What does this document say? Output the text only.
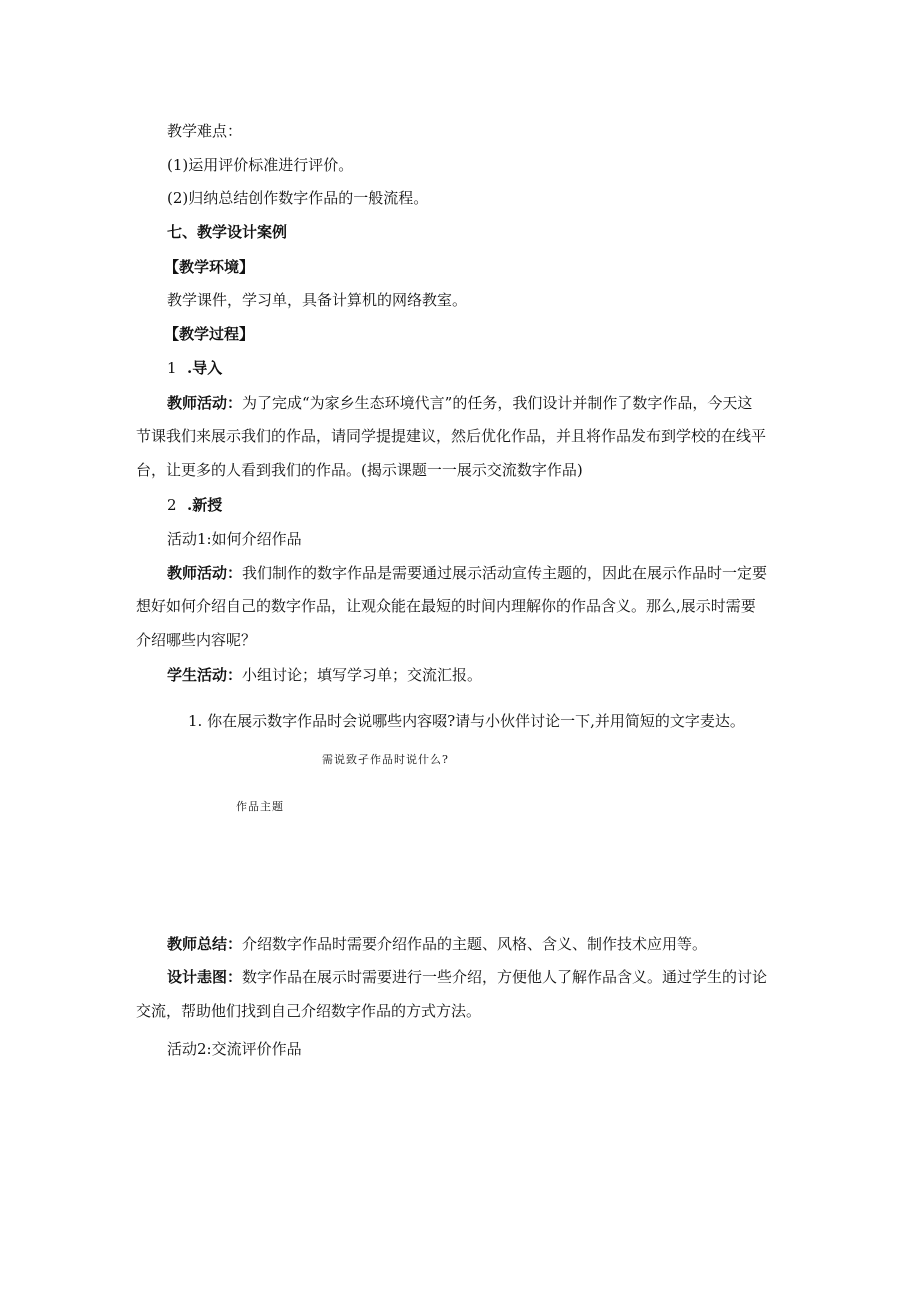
教学难点：
(1)运用评价标准进行评价。
(2)归纳总结创作数字作品的一般流程。
七、教学设计案例
【教学环境】
教学课件，学习单，具备计算机的网络教室。
【教学过程】
1 .导入
教师活动：为了完成“为家乡生态环境代言”的任务，我们设计并制作了数字作品，今天这
节课我们来展示我们的作品，请同学提提建议，然后优化作品，并且将作品发布到学校的在线平
台，让更多的人看到我们的作品。(揭示课题一一展示交流数字作品)
2 .新授
活动1:如何介绍作品
教师活动：我们制作的数字作品是需要通过展示活动宣传主题的，因此在展示作品时一定要
想好如何介绍自己的数字作品，让观众能在最短的时间内理解你的作品含义。那么,展示时需要
介绍哪些内容呢？
学生活动：小组讨论；填写学习单；交流汇报。
1. 你在展示数字作品时会说哪些内容啜?请与小伙伴讨论一下,并用简短的文字麦达。
需说致孑作品时说什么?
作品主题
教师总结：介绍数字作品时需要介绍作品的主题、风格、含义、制作技术应用等。
设计恚图：数字作品在展示时需要进行一些介绍，方便他人了解作品含义。通过学生的讨论
交流，帮助他们找到自己介绍数字作品的方式方法。
活动2:交流评价作品
